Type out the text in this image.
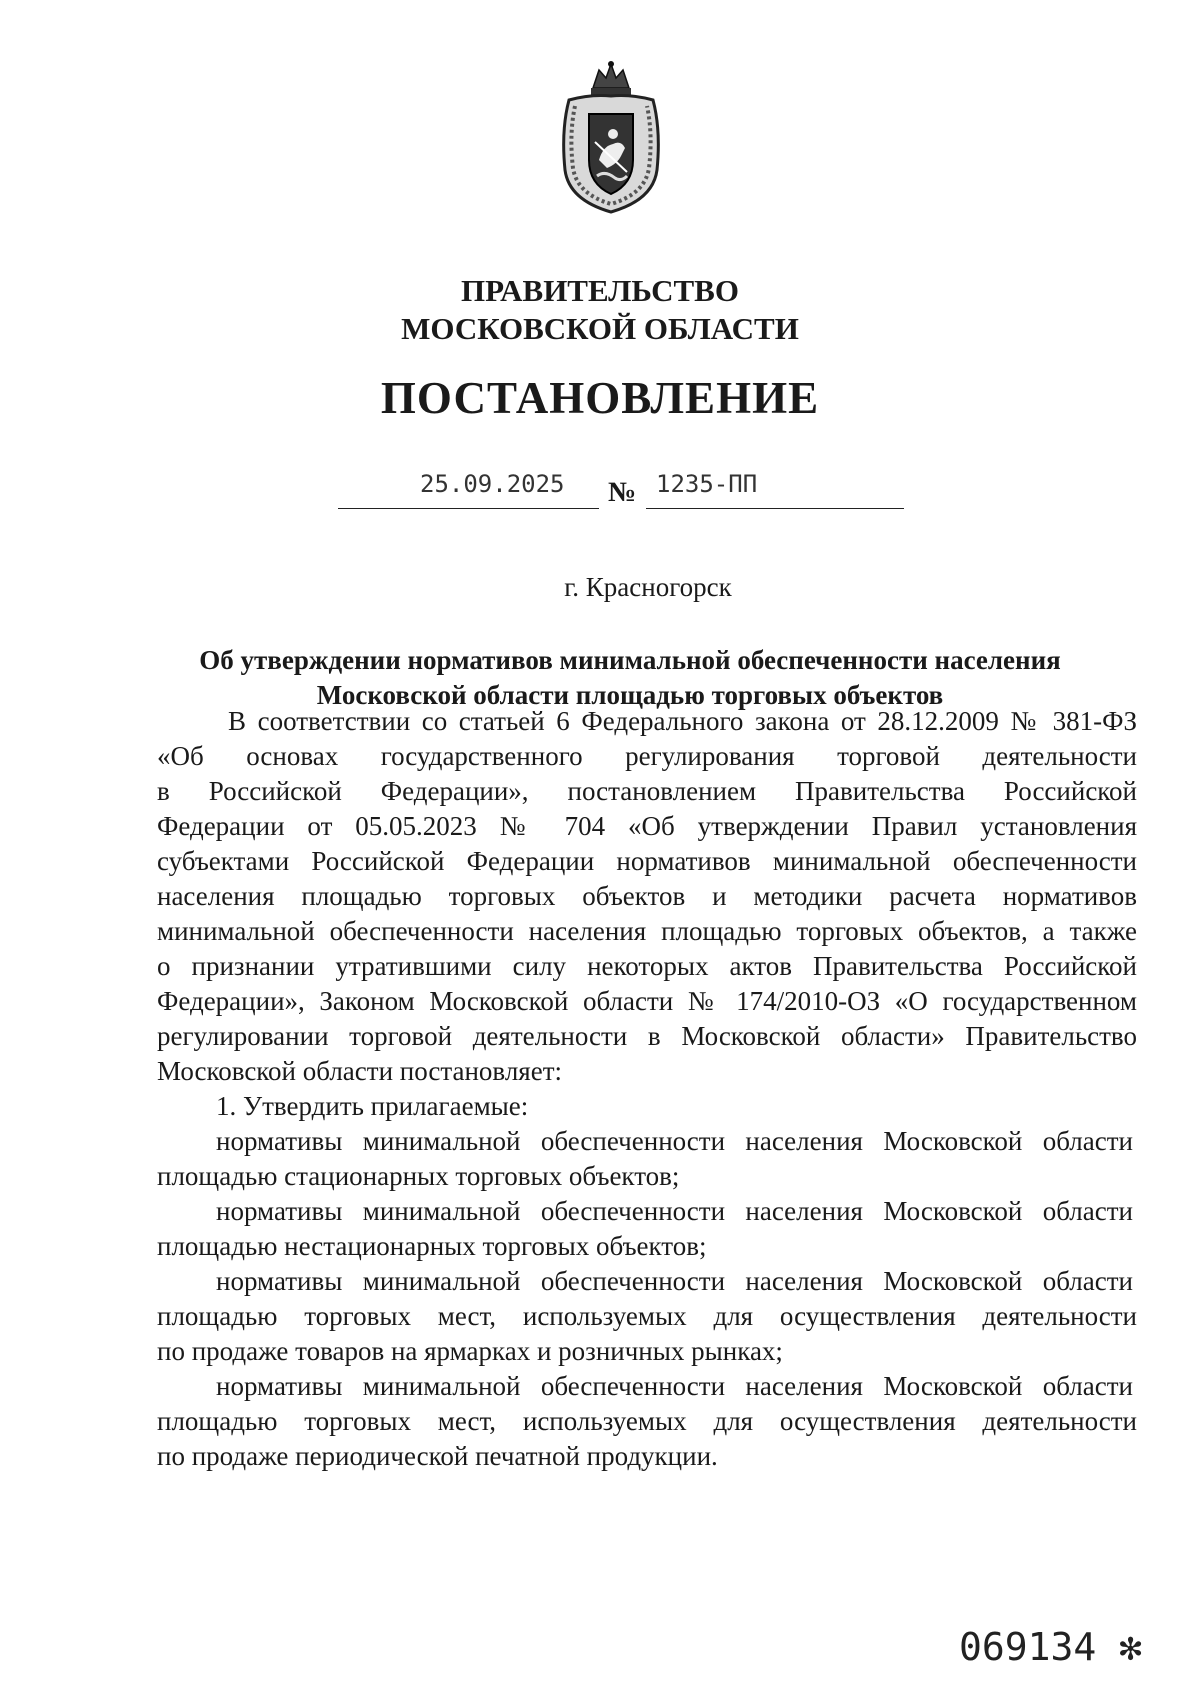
ПРАВИТЕЛЬСТВО
МОСКОВСКОЙ ОБЛАСТИ
ПОСТАНОВЛЕНИЕ
25.09.2025 № 1235-ПП
г. Красногорск
Об утверждении нормативов минимальной обеспеченности населения
Московской области площадью торговых объектов
В соответствии со статьей 6 Федерального закона от 28.12.2009 № 381-ФЗ
«Об основах государственного регулирования торговой деятельности
в Российской Федерации», постановлением Правительства Российской
Федерации от 05.05.2023 № 704 «Об утверждении Правил установления
субъектами Российской Федерации нормативов минимальной обеспеченности
населения площадью торговых объектов и методики расчета нормативов
минимальной обеспеченности населения площадью торговых объектов, а также
о признании утратившими силу некоторых актов Правительства Российской
Федерации», Законом Московской области № 174/2010-ОЗ «О государственном
регулировании торговой деятельности в Московской области» Правительство
Московской области постановляет:
1. Утвердить прилагаемые:
нормативы минимальной обеспеченности населения Московской области
площадью стационарных торговых объектов;
нормативы минимальной обеспеченности населения Московской области
площадью нестационарных торговых объектов;
нормативы минимальной обеспеченности населения Московской области
площадью торговых мест, используемых для осуществления деятельности
по продаже товаров на ярмарках и розничных рынках;
нормативы минимальной обеспеченности населения Московской области
площадью торговых мест, используемых для осуществления деятельности
по продаже периодической печатной продукции.
069134 ✻
